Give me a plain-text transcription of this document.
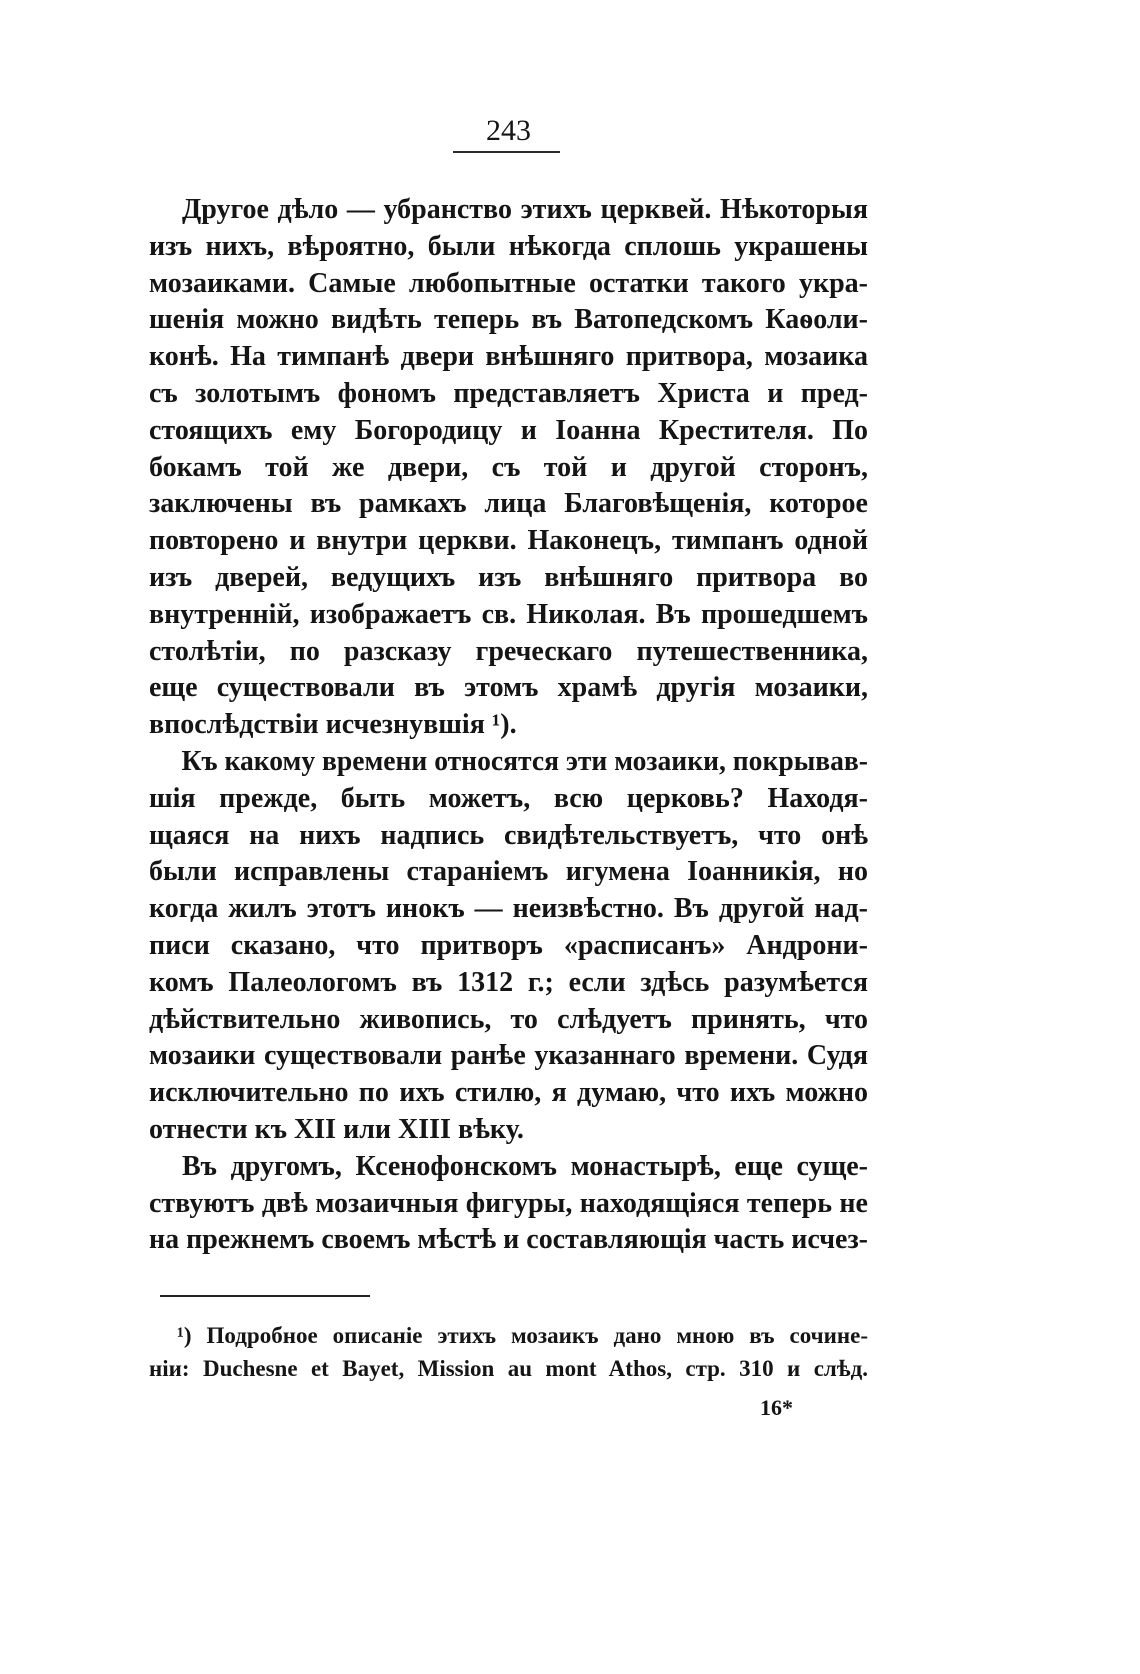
243
Другое дѣло — убранство этихъ церквей. Нѣкоторыя
изъ нихъ, вѣроятно, были нѣкогда сплошь украшены
мозаиками. Самые любопытные остатки такого укра-
шенія можно видѣть теперь въ Ватопедскомъ Каѳоли-
конѣ. На тимпанѣ двери внѣшняго притвора, мозаика
съ золотымъ фономъ представляетъ Христа и пред-
стоящихъ ему Богородицу и Іоанна Крестителя. По
бокамъ той же двери, съ той и другой сторонъ,
заключены въ рамкахъ лица Благовѣщенія, которое
повторено и внутри церкви. Наконецъ, тимпанъ одной
изъ дверей, ведущихъ изъ внѣшняго притвора во
внутренній, изображаетъ св. Николая. Въ прошедшемъ
столѣтіи, по разсказу греческаго путешественника,
еще существовали въ этомъ храмѣ другія мозаики,
впослѣдствіи исчезнувшія ¹).
Къ какому времени относятся эти мозаики, покрывав-
шія прежде, быть можетъ, всю церковь? Находя-
щаяся на нихъ надпись свидѣтельствуетъ, что онѣ
были исправлены стараніемъ игумена Іоанникія, но
когда жилъ этотъ инокъ — неизвѣстно. Въ другой над-
писи сказано, что притворъ «расписанъ» Андрони-
комъ Палеологомъ въ 1312 г.; если здѣсь разумѣется
дѣйствительно живопись, то слѣдуетъ принять, что
мозаики существовали ранѣе указаннаго времени. Судя
исключительно по ихъ стилю, я думаю, что ихъ можно
отнести къ XII или XIII вѣку.
Въ другомъ, Ксенофонскомъ монастырѣ, еще суще-
ствуютъ двѣ мозаичныя фигуры, находящіяся теперь не
на прежнемъ своемъ мѣстѣ и составляющія часть исчез-
¹) Подробное описаніе этихъ мозаикъ дано мною въ сочине-
ніи: Duchesne et Bayet, Mission au mont Athos, стр. 310 и слѣд.
16*
